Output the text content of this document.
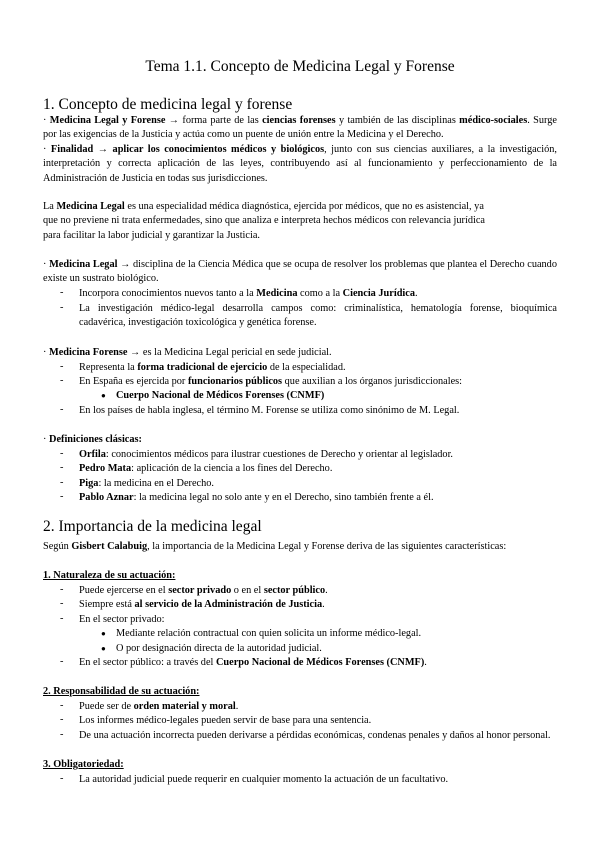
Tema 1.1. Concepto de Medicina Legal y Forense
1. Concepto de medicina legal y forense

· Medicina Legal y Forense → forma parte de las ciencias forenses y también de las disciplinas médico-sociales. Surge por las exigencias de la Justicia y actúa como un puente de unión entre la Medicina y el Derecho.

· Finalidad → aplicar los conocimientos médicos y biológicos, junto con sus ciencias auxiliares, a la investigación, interpretación y correcta aplicación de las leyes, contribuyendo así al funcionamiento y perfeccionamiento de la Administración de Justicia en todas sus jurisdicciones.

La Medicina Legal es una especialidad médica diagnóstica, ejercida por médicos, que no es asistencial, ya
que no previene ni trata enfermedades, sino que analiza e interpreta hechos médicos con relevancia jurídica
para facilitar la labor judicial y garantizar la Justicia.

· Medicina Legal → disciplina de la Ciencia Médica que se ocupa de resolver los problemas que plantea el Derecho cuando existe un sustrato biológico.

- Incorpora conocimientos nuevos tanto a la Medicina como a la Ciencia Jurídica.

- La investigación médico-legal desarrolla campos como: criminalística, hematología forense, bioquímica cadavérica, investigación toxicológica y genética forense.

· Medicina Forense → es la Medicina Legal pericial en sede judicial.

- Representa la forma tradicional de ejercicio de la especialidad.

- En España es ejercida por funcionarios públicos que auxilian a los órganos jurisdiccionales:

● Cuerpo Nacional de Médicos Forenses (CNMF)

- En los países de habla inglesa, el término M. Forense se utiliza como sinónimo de M. Legal.

· Definiciones clásicas:

- Orfila: conocimientos médicos para ilustrar cuestiones de Derecho y orientar al legislador.

- Pedro Mata: aplicación de la ciencia a los fines del Derecho.

- Piga: la medicina en el Derecho.

- Pablo Aznar: la medicina legal no solo ante y en el Derecho, sino también frente a él.

2. Importancia de la medicina legal

Según Gisbert Calabuig, la importancia de la Medicina Legal y Forense deriva de las siguientes características:

1. Naturaleza de su actuación:

- Puede ejercerse en el sector privado o en el sector público.

- Siempre está al servicio de la Administración de Justicia.

- En el sector privado:

● Mediante relación contractual con quien solicita un informe médico-legal.

● O por designación directa de la autoridad judicial.

- En el sector público: a través del Cuerpo Nacional de Médicos Forenses (CNMF).

2. Responsabilidad de su actuación:

- Puede ser de orden material y moral.

- Los informes médico-legales pueden servir de base para una sentencia.

- De una actuación incorrecta pueden derivarse a pérdidas económicas, condenas penales y daños al honor personal.

3. Obligatoriedad:

- La autoridad judicial puede requerir en cualquier momento la actuación de un facultativo.
